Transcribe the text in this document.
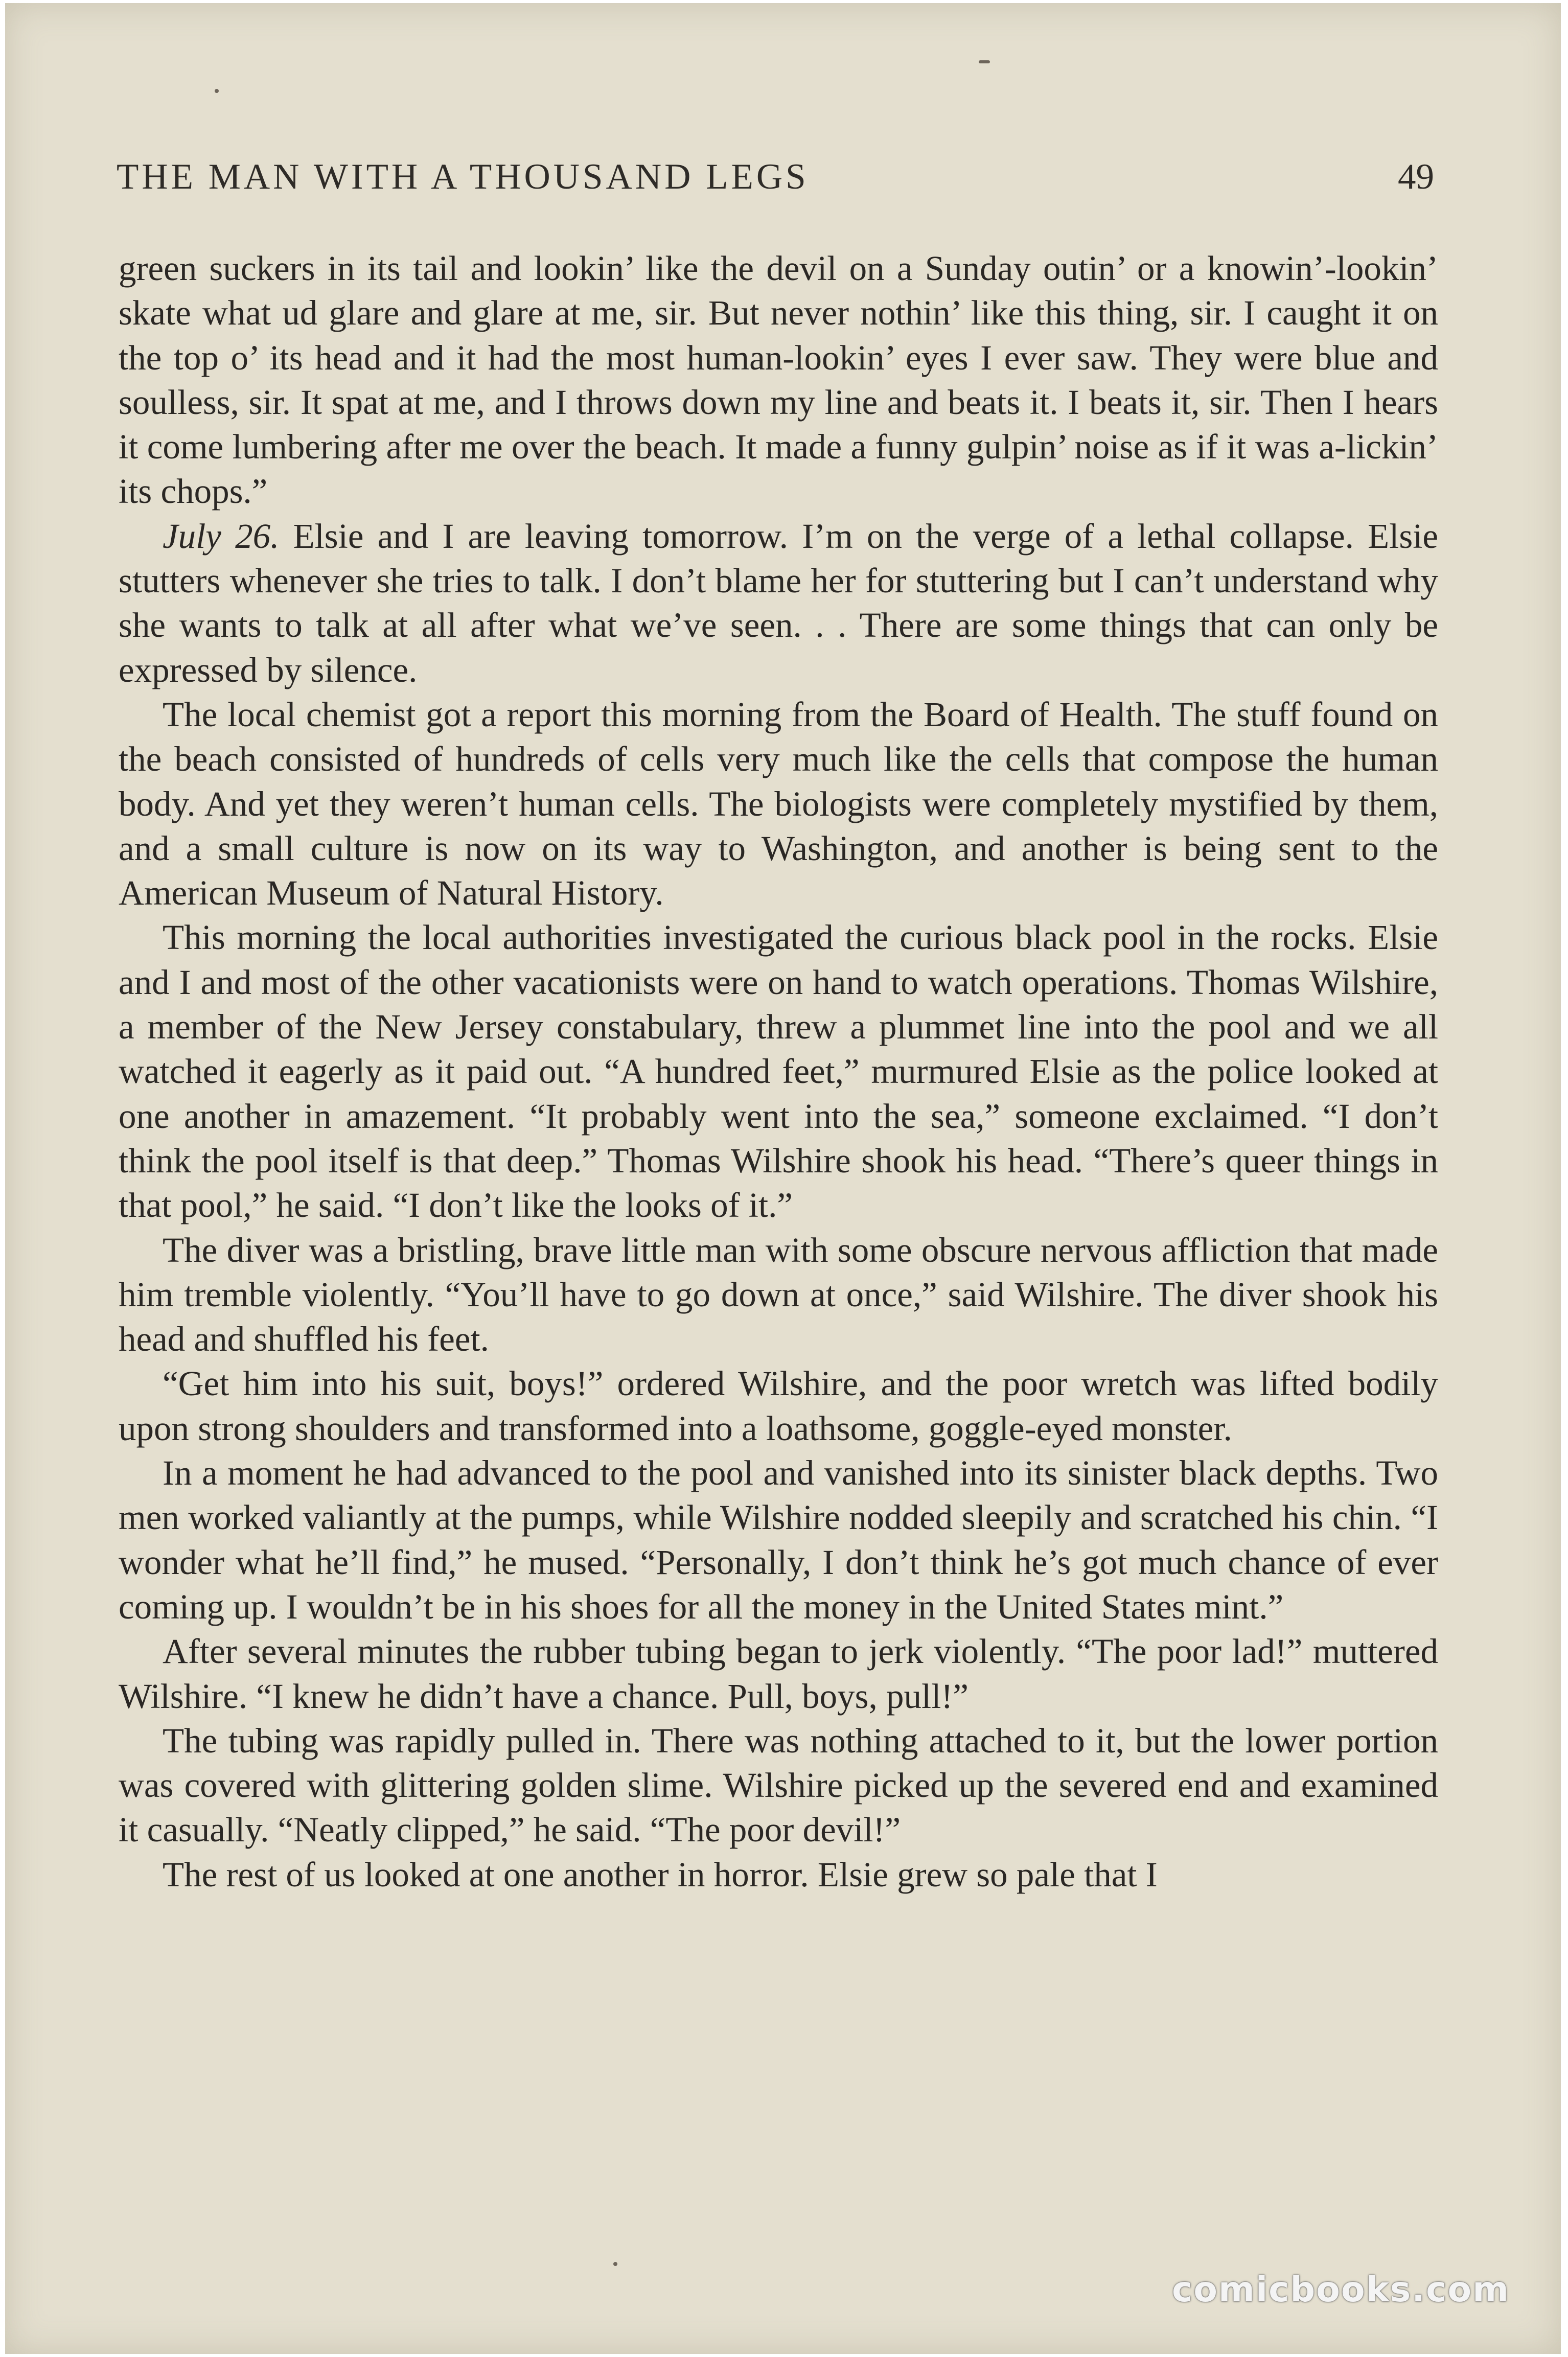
THE MAN WITH A THOUSAND LEGS	49

green suckers in its tail and lookin’ like the devil on a Sunday outin’ or a knowin’-lookin’ skate what ud glare and glare at me, sir. But never nothin’ like this thing, sir. I caught it on the top o’ its head and it had the most human-lookin’ eyes I ever saw. They were blue and soulless, sir. It spat at me, and I throws down my line and beats it. I beats it, sir. Then I hears it come lumbering after me over the beach. It made a funny gulpin’ noise as if it was a-lickin’ its chops.”

July 26. Elsie and I are leaving tomorrow. I’m on the verge of a lethal collapse. Elsie stutters whenever she tries to talk. I don’t blame her for stuttering but I can’t understand why she wants to talk at all after what we’ve seen. . . There are some things that can only be expressed by silence.

The local chemist got a report this morning from the Board of Health. The stuff found on the beach consisted of hundreds of cells very much like the cells that compose the human body. And yet they weren’t human cells. The biologists were completely mystified by them, and a small culture is now on its way to Washington, and another is being sent to the American Museum of Natural History.

This morning the local authorities investigated the curious black pool in the rocks. Elsie and I and most of the other vacationists were on hand to watch operations. Thomas Wilshire, a member of the New Jersey constabulary, threw a plummet line into the pool and we all watched it eagerly as it paid out. “A hundred feet,” murmured Elsie as the police looked at one another in amazement. “It probably went into the sea,” someone exclaimed. “I don’t think the pool itself is that deep.” Thomas Wilshire shook his head. “There’s queer things in that pool,” he said. “I don’t like the looks of it.”

The diver was a bristling, brave little man with some obscure nervous affliction that made him tremble violently. “You’ll have to go down at once,” said Wilshire. The diver shook his head and shuffled his feet.

“Get him into his suit, boys!” ordered Wilshire, and the poor wretch was lifted bodily upon strong shoulders and transformed into a loathsome, goggle-eyed monster.

In a moment he had advanced to the pool and vanished into its sinister black depths. Two men worked valiantly at the pumps, while Wilshire nodded sleepily and scratched his chin. “I wonder what he’ll find,” he mused. “Personally, I don’t think he’s got much chance of ever coming up. I wouldn’t be in his shoes for all the money in the United States mint.”

After several minutes the rubber tubing began to jerk violently. “The poor lad!” muttered Wilshire. “I knew he didn’t have a chance. Pull, boys, pull!”

The tubing was rapidly pulled in. There was nothing attached to it, but the lower portion was covered with glittering golden slime. Wilshire picked up the severed end and examined it casually. “Neatly clipped,” he said. “The poor devil!”

The rest of us looked at one another in horror. Elsie grew so pale that I

comicbooks.com
